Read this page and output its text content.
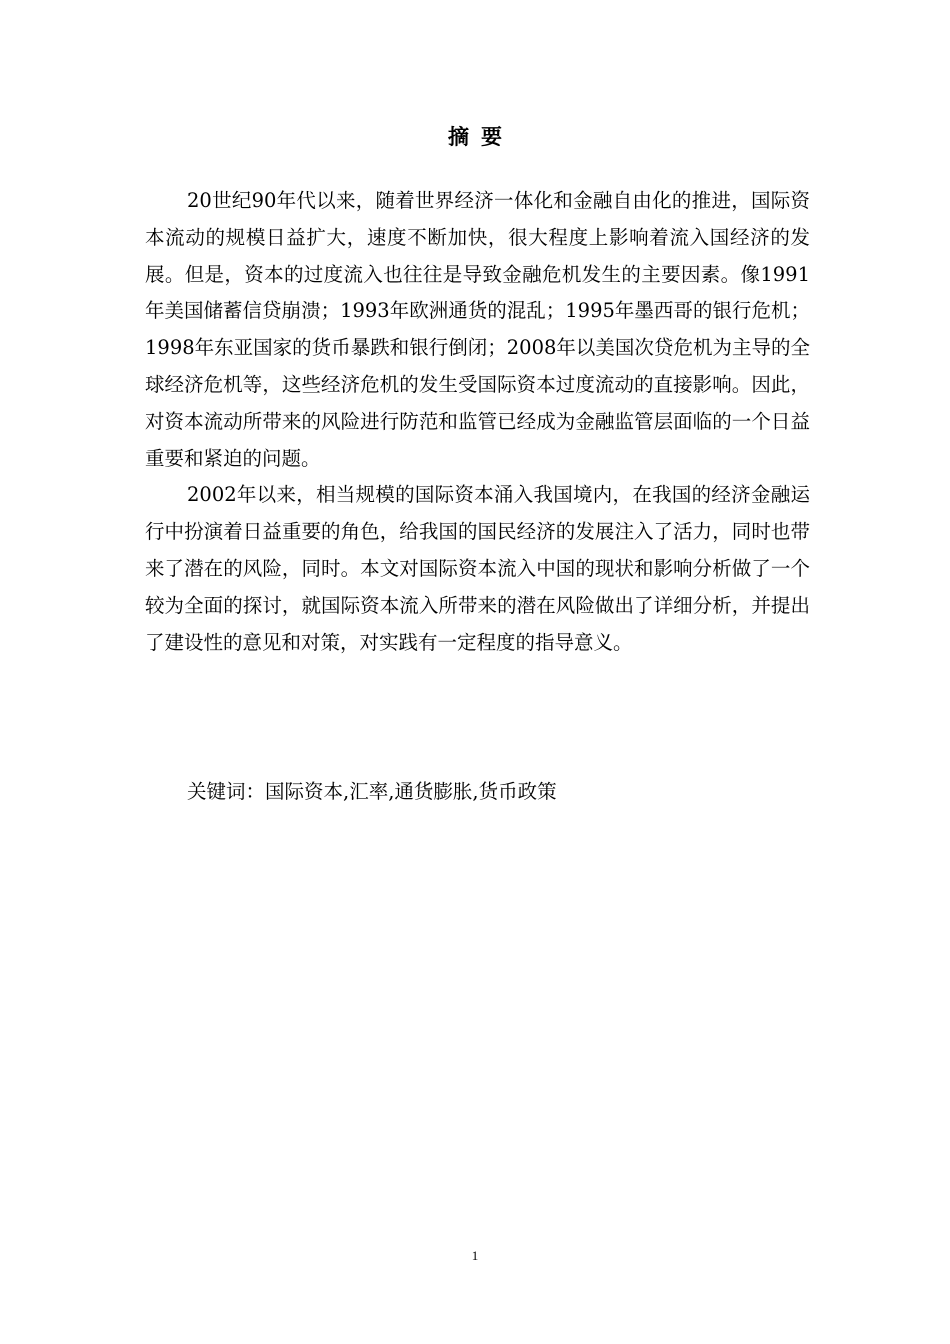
摘要

20世纪90年代以来，随着世界经济一体化和金融自由化的推进，国际资本流动的规模日益扩大，速度不断加快，很大程度上影响着流入国经济的发展。但是，资本的过度流入也往往是导致金融危机发生的主要因素。像1991年美国储蓄信贷崩溃；1993年欧洲通货的混乱；1995年墨西哥的银行危机；1998年东亚国家的货币暴跌和银行倒闭；2008年以美国次贷危机为主导的全球经济危机等，这些经济危机的发生受国际资本过度流动的直接影响。因此，对资本流动所带来的风险进行防范和监管已经成为金融监管层面临的一个日益重要和紧迫的问题。

2002年以来，相当规模的国际资本涌入我国境内，在我国的经济金融运行中扮演着日益重要的角色，给我国的国民经济的发展注入了活力，同时也带来了潜在的风险，同时。本文对国际资本流入中国的现状和影响分析做了一个较为全面的探讨，就国际资本流入所带来的潜在风险做出了详细分析，并提出了建设性的意见和对策，对实践有一定程度的指导意义。

关键词：国际资本,汇率,通货膨胀,货币政策
1
